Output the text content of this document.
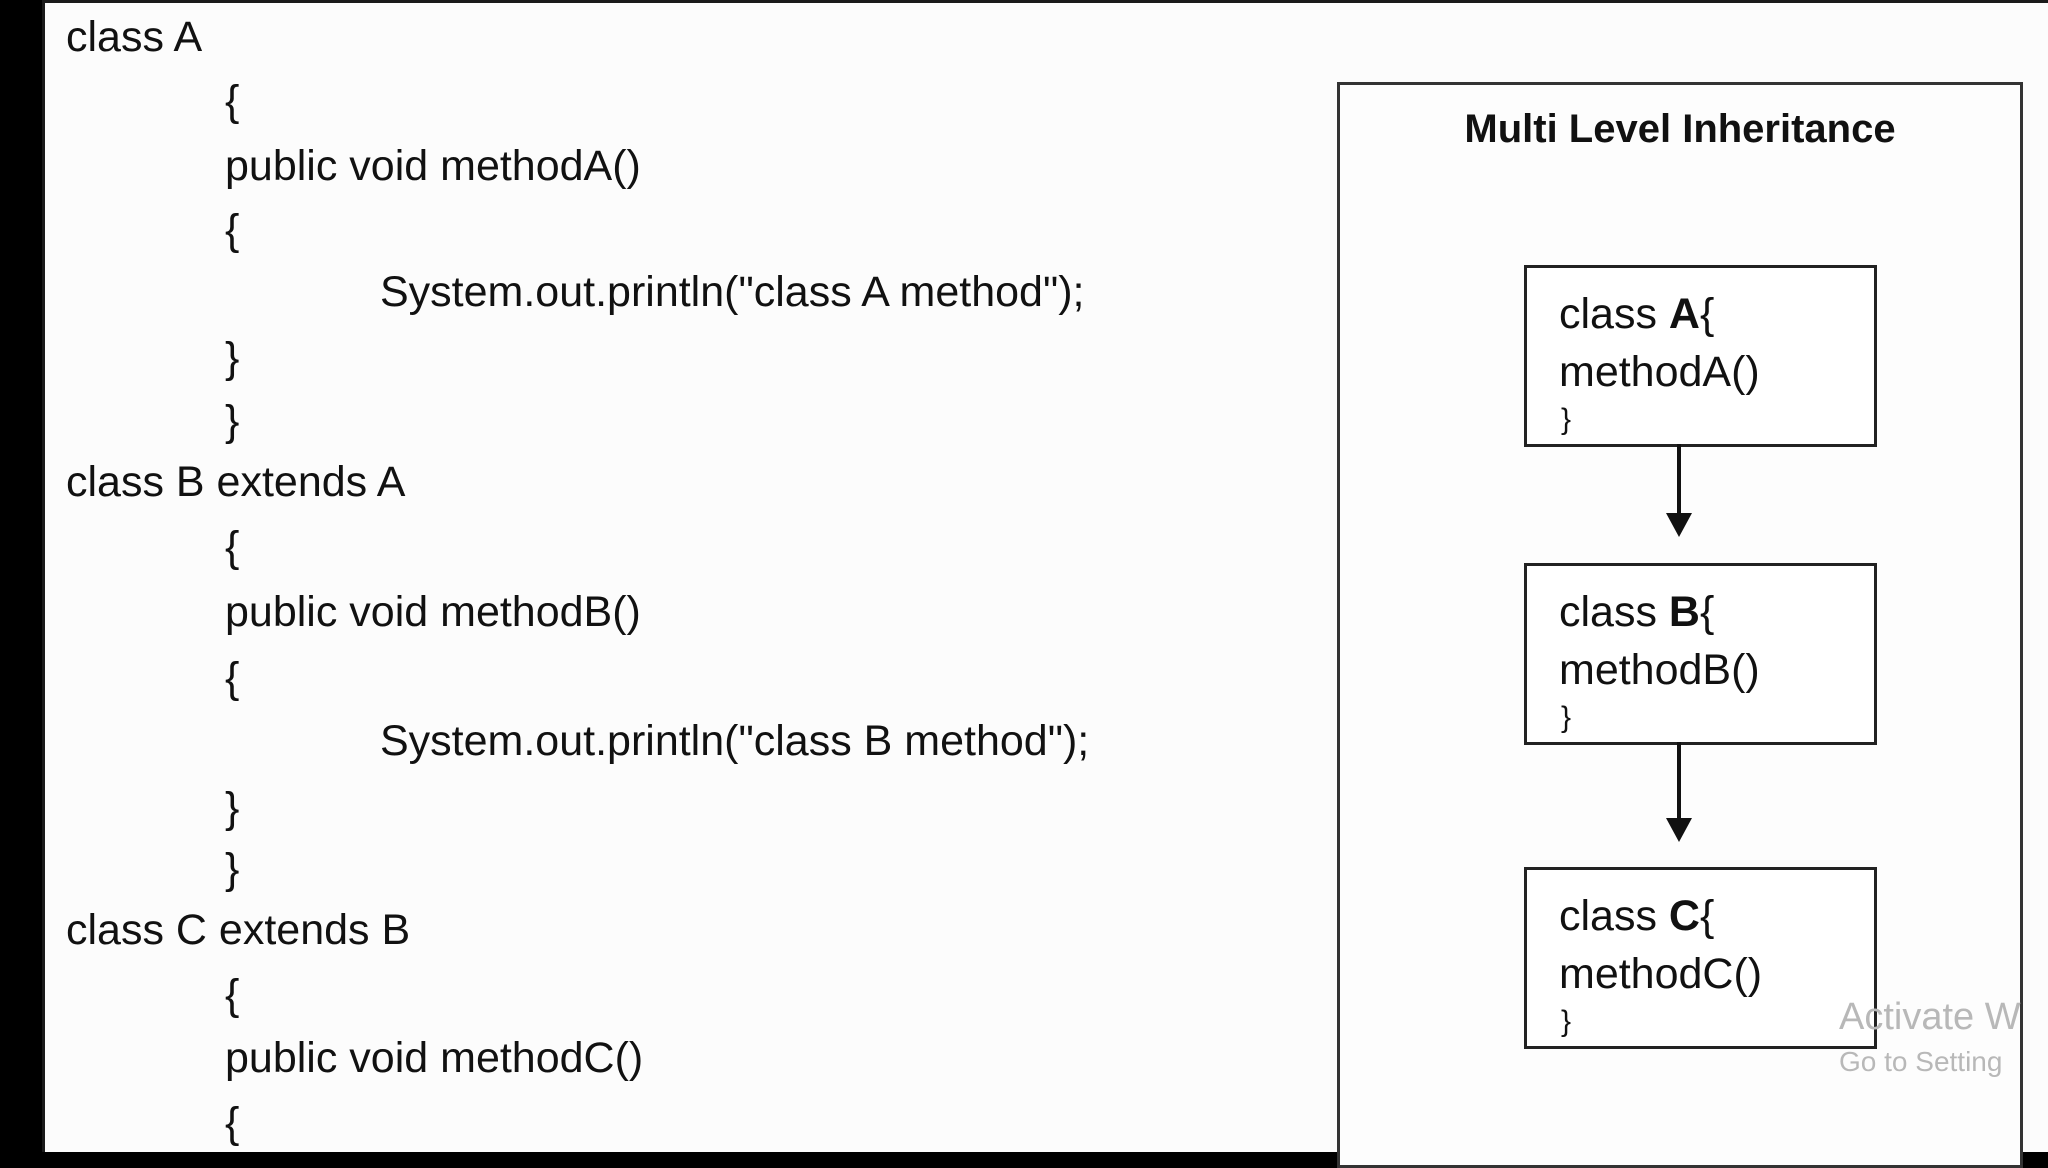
class A
{
public void methodA()
{
System.out.println("class A method");
}
}
class B extends A
{
public void methodB()
{
System.out.println("class B method");
}
}
class C extends B
{
public void methodC()
{
Multi Level Inheritance
class A{
methodA()
}
class B{
methodB()
}
class C{
methodC()
}	Activate W
Go to Setting
